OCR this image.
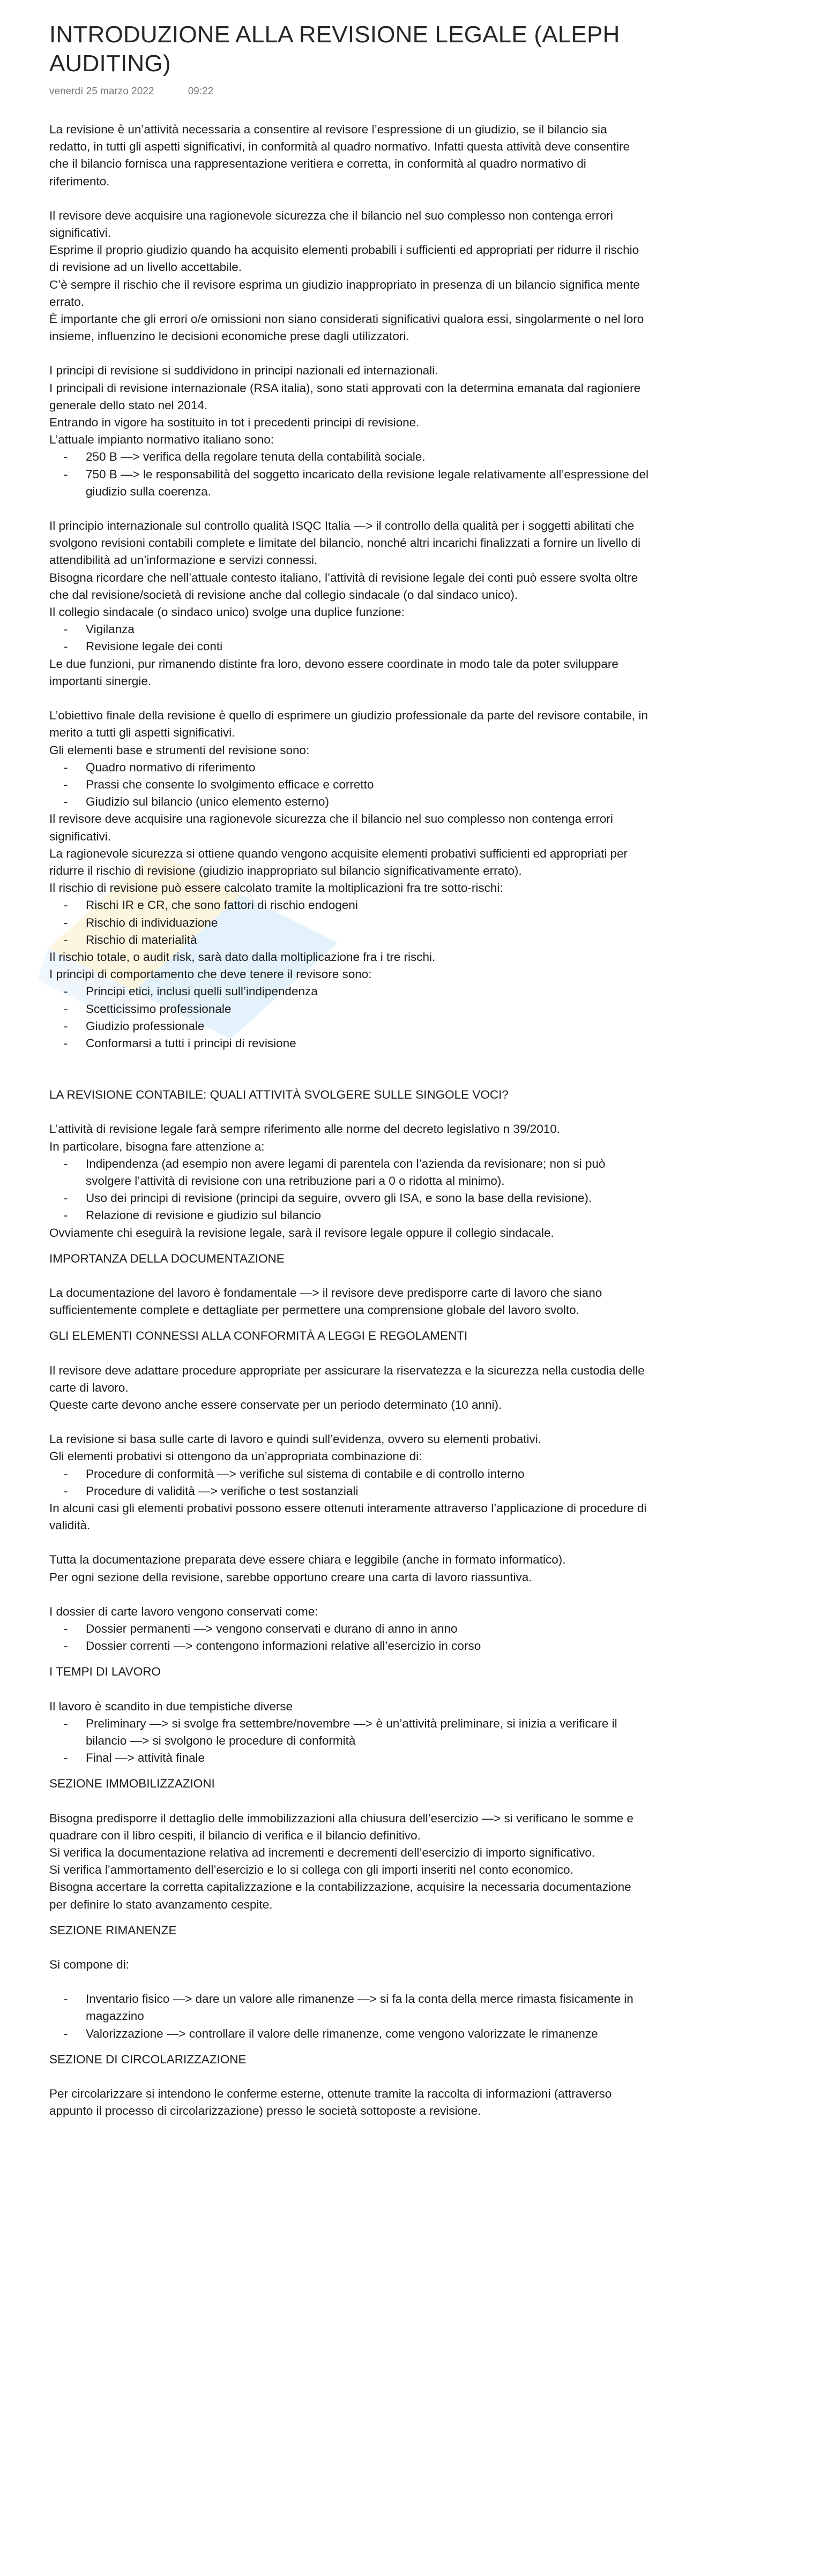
INTRODUZIONE ALLA REVISIONE LEGALE (ALEPH AUDITING)
venerdì 25 marzo 2022	09:22

La revisione è un’attività necessaria a consentire al revisore l’espressione di un giudizio, se il bilancio sia redatto, in tutti gli aspetti significativi, in conformità al quadro normativo. Infatti questa attività deve consentire che il bilancio fornisca una rappresentazione veritiera e corretta, in conformità al quadro normativo di riferimento.

Il revisore deve acquisire una ragionevole sicurezza che il bilancio nel suo complesso non contenga errori significativi.

Esprime il proprio giudizio quando ha acquisito elementi probabili i sufficienti ed appropriati per ridurre il rischio di revisione ad un livello accettabile.

C’è sempre il rischio che il revisore esprima un giudizio inappropriato in presenza di un bilancio significa mente errato.

È importante che gli errori o/e omissioni non siano considerati significativi qualora essi, singolarmente o nel loro insieme, influenzino le decisioni economiche prese dagli utilizzatori.

I principi di revisione si suddividono in principi nazionali ed internazionali.

I principali di revisione internazionale (RSA italia), sono stati approvati con la determina emanata dal ragioniere generale dello stato nel 2014.

Entrando in vigore ha sostituito in tot i precedenti principi di revisione.

L’attuale impianto normativo italiano sono:

- 250 B —> verifica della regolare tenuta della contabilità sociale.
- 750 B —> le responsabilità del soggetto incaricato della revisione legale relativamente all’espressione del giudizio sulla coerenza.

Il principio internazionale sul controllo qualità ISQC Italia —> il controllo della qualità per i soggetti abilitati che svolgono revisioni contabili complete e limitate del bilancio, nonché altri incarichi finalizzati a fornire un livello di attendibilità ad un’informazione e servizi connessi.

Bisogna ricordare che nell’attuale contesto italiano, l’attività di revisione legale dei conti può essere svolta oltre che dal revisione/società di revisione anche dal collegio sindacale (o dal sindaco unico).

Il collegio sindacale (o sindaco unico) svolge una duplice funzione:

- Vigilanza
- Revisione legale dei conti

Le due funzioni, pur rimanendo distinte fra loro, devono essere coordinate in modo tale da poter sviluppare importanti sinergie.

L’obiettivo finale della revisione è quello di esprimere un giudizio professionale da parte del revisore contabile, in merito a tutti gli aspetti significativi.

Gli elementi base e strumenti del revisione sono:

- Quadro normativo di riferimento
- Prassi che consente lo svolgimento efficace e corretto
- Giudizio sul bilancio (unico elemento esterno)

Il revisore deve acquisire una ragionevole sicurezza che il bilancio nel suo complesso non contenga errori significativi.

La ragionevole sicurezza si ottiene quando vengono acquisite elementi probativi sufficienti ed appropriati per ridurre il rischio di revisione (giudizio inappropriato sul bilancio significativamente errato).

Il rischio di revisione può essere calcolato tramite la moltiplicazioni fra tre sotto-rischi:

- Rischi IR e CR, che sono fattori di rischio endogeni
- Rischio di individuazione
- Rischio di materialità

Il rischio totale, o audit risk, sarà dato dalla moltiplicazione fra i tre rischi.

I principi di comportamento che deve tenere il revisore sono:

- Principi etici, inclusi quelli sull’indipendenza
- Scetticissimo professionale
- Giudizio professionale
- Conformarsi a tutti i principi di revisione

LA REVISIONE CONTABILE: QUALI ATTIVITÀ SVOLGERE SULLE SINGOLE VOCI?

L’attività di revisione legale farà sempre riferimento alle norme del decreto legislativo n 39/2010.

In particolare, bisogna fare attenzione a:

- Indipendenza (ad esempio non avere legami di parentela con l’azienda da revisionare; non si può svolgere l’attività di revisione con una retribuzione pari a 0 o ridotta al minimo).
- Uso dei principi di revisione (principi da seguire, ovvero gli ISA, e sono la base della revisione).
- Relazione di revisione e giudizio sul bilancio

Ovviamente chi eseguirà la revisione legale, sarà il revisore legale oppure il collegio sindacale.

IMPORTANZA DELLA DOCUMENTAZIONE

La documentazione del lavoro è fondamentale —> il revisore deve predisporre carte di lavoro che siano sufficientemente complete e dettagliate per permettere una comprensione globale del lavoro svolto.

GLI ELEMENTI CONNESSI ALLA CONFORMITÀ A LEGGI E REGOLAMENTI

Il revisore deve adattare procedure appropriate per assicurare la riservatezza e la sicurezza nella custodia delle carte di lavoro.

Queste carte devono anche essere conservate per un periodo determinato (10 anni).

La revisione si basa sulle carte di lavoro e quindi sull’evidenza, ovvero su elementi probativi.

Gli elementi probativi si ottengono da un’appropriata combinazione di:

- Procedure di conformità —> verifiche sul sistema di contabile e di controllo interno
- Procedure di validità —> verifiche o test sostanziali

In alcuni casi gli elementi probativi possono essere ottenuti interamente attraverso l’applicazione di procedure di validità.

Tutta la documentazione preparata deve essere chiara e leggibile (anche in formato informatico).

Per ogni sezione della revisione, sarebbe opportuno creare una carta di lavoro riassuntiva.

I dossier di carte lavoro vengono conservati come:

- Dossier permanenti —> vengono conservati e durano di anno in anno
- Dossier correnti —> contengono informazioni relative all’esercizio in corso

I TEMPI DI LAVORO

Il lavoro è scandito in due tempistiche diverse

- Preliminary —> si svolge fra settembre/novembre —> è un’attività preliminare, si inizia a verificare il bilancio —> si svolgono le procedure di conformità
- Final —> attività finale

SEZIONE IMMOBILIZZAZIONI

Bisogna predisporre il dettaglio delle immobilizzazioni alla chiusura dell’esercizio —> si verificano le somme e quadrare con il libro cespiti, il bilancio di verifica e il bilancio definitivo.

Si verifica la documentazione relativa ad incrementi e decrementi dell’esercizio di importo significativo.

Si verifica l’ammortamento dell’esercizio e lo si collega con gli importi inseriti nel conto economico.

Bisogna accertare la corretta capitalizzazione e la contabilizzazione, acquisire la necessaria documentazione per definire lo stato avanzamento cespite.

SEZIONE RIMANENZE

Si compone di:

- Inventario fisico —> dare un valore alle rimanenze —> si fa la conta della merce rimasta fisicamente in magazzino
- Valorizzazione —> controllare il valore delle rimanenze, come vengono valorizzate le rimanenze

SEZIONE DI CIRCOLARIZZAZIONE

Per circolarizzare si intendono le conferme esterne, ottenute tramite la raccolta di informazioni (attraverso appunto il processo di circolarizzazione) presso le società sottoposte a revisione.
